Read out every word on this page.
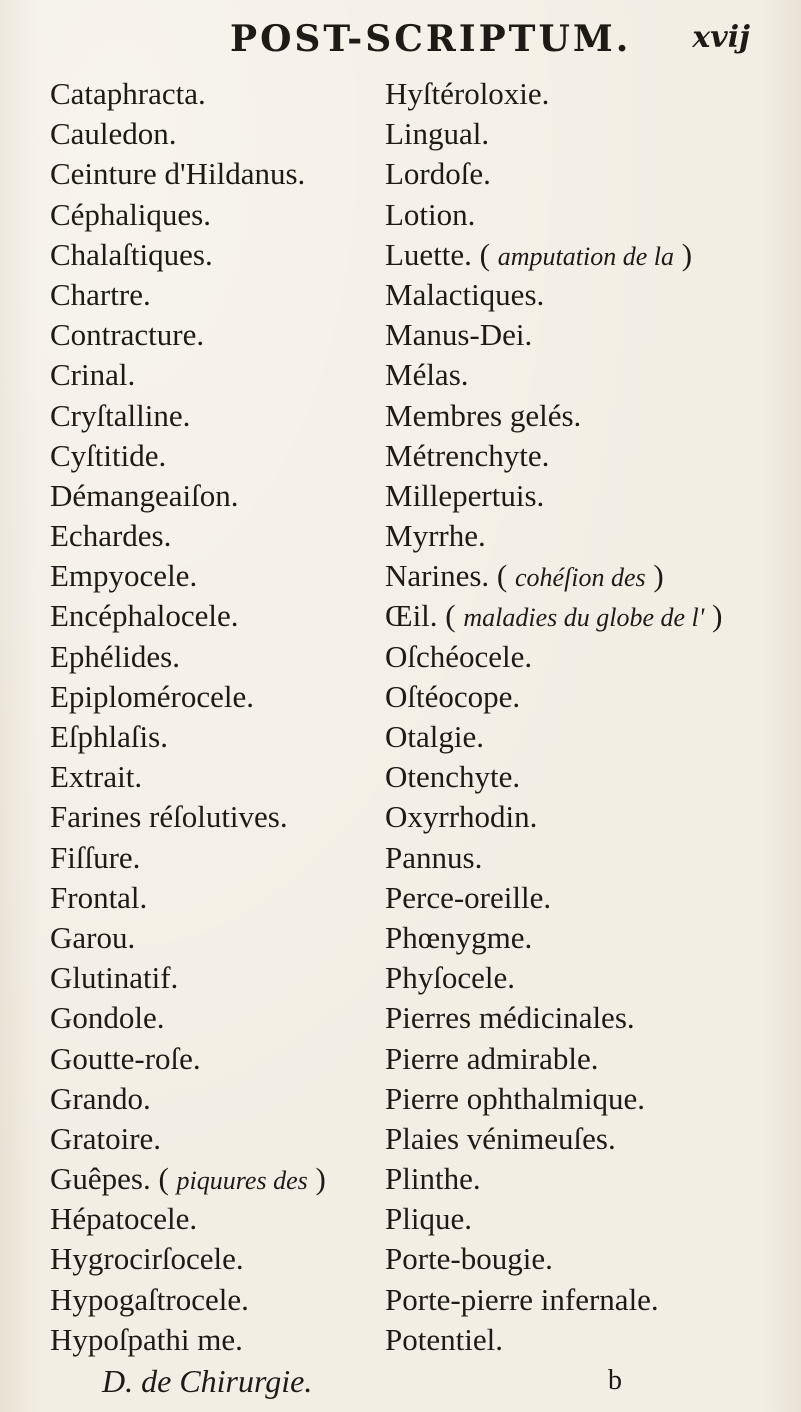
POST-SCRIPTUM. xvij
Cataphracta.
Cauledon.
Ceinture d'Hildanus.
Céphaliques.
Chalaſtiques.
Chartre.
Contracture.
Crinal.
Cryſtalline.
Cyſtitide.
Démangeaiſon.
Echardes.
Empyocele.
Encéphalocele.
Ephélides.
Epiplomérocele.
Eſphlaſis.
Extrait.
Farines réſolutives.
Fiſſure.
Frontal.
Garou.
Glutinatif.
Gondole.
Goutte-roſe.
Grando.
Gratoire.
Guêpes. ( piquures des )
Hépatocele.
Hygrocirſocele.
Hypogaſtrocele.
Hypoſpathi me.
Hyſtéroloxie.
Lingual.
Lordoſe.
Lotion.
Luette. ( amputation de la )
Malactiques.
Manus-Dei.
Mélas.
Membres gelés.
Métrenchyte.
Millepertuis.
Myrrhe.
Narines. ( cohéſion des )
Œil. ( maladies du globe de l' )
Oſchéocele.
Oſtéocope.
Otalgie.
Otenchyte.
Oxyrrhodin.
Pannus.
Perce-oreille.
Phœnygme.
Phyſocele.
Pierres médicinales.
Pierre admirable.
Pierre ophthalmique.
Plaies vénimeuſes.
Plinthe.
Plique.
Porte-bougie.
Porte-pierre infernale.
Potentiel.
D. de Chirurgie.	b
